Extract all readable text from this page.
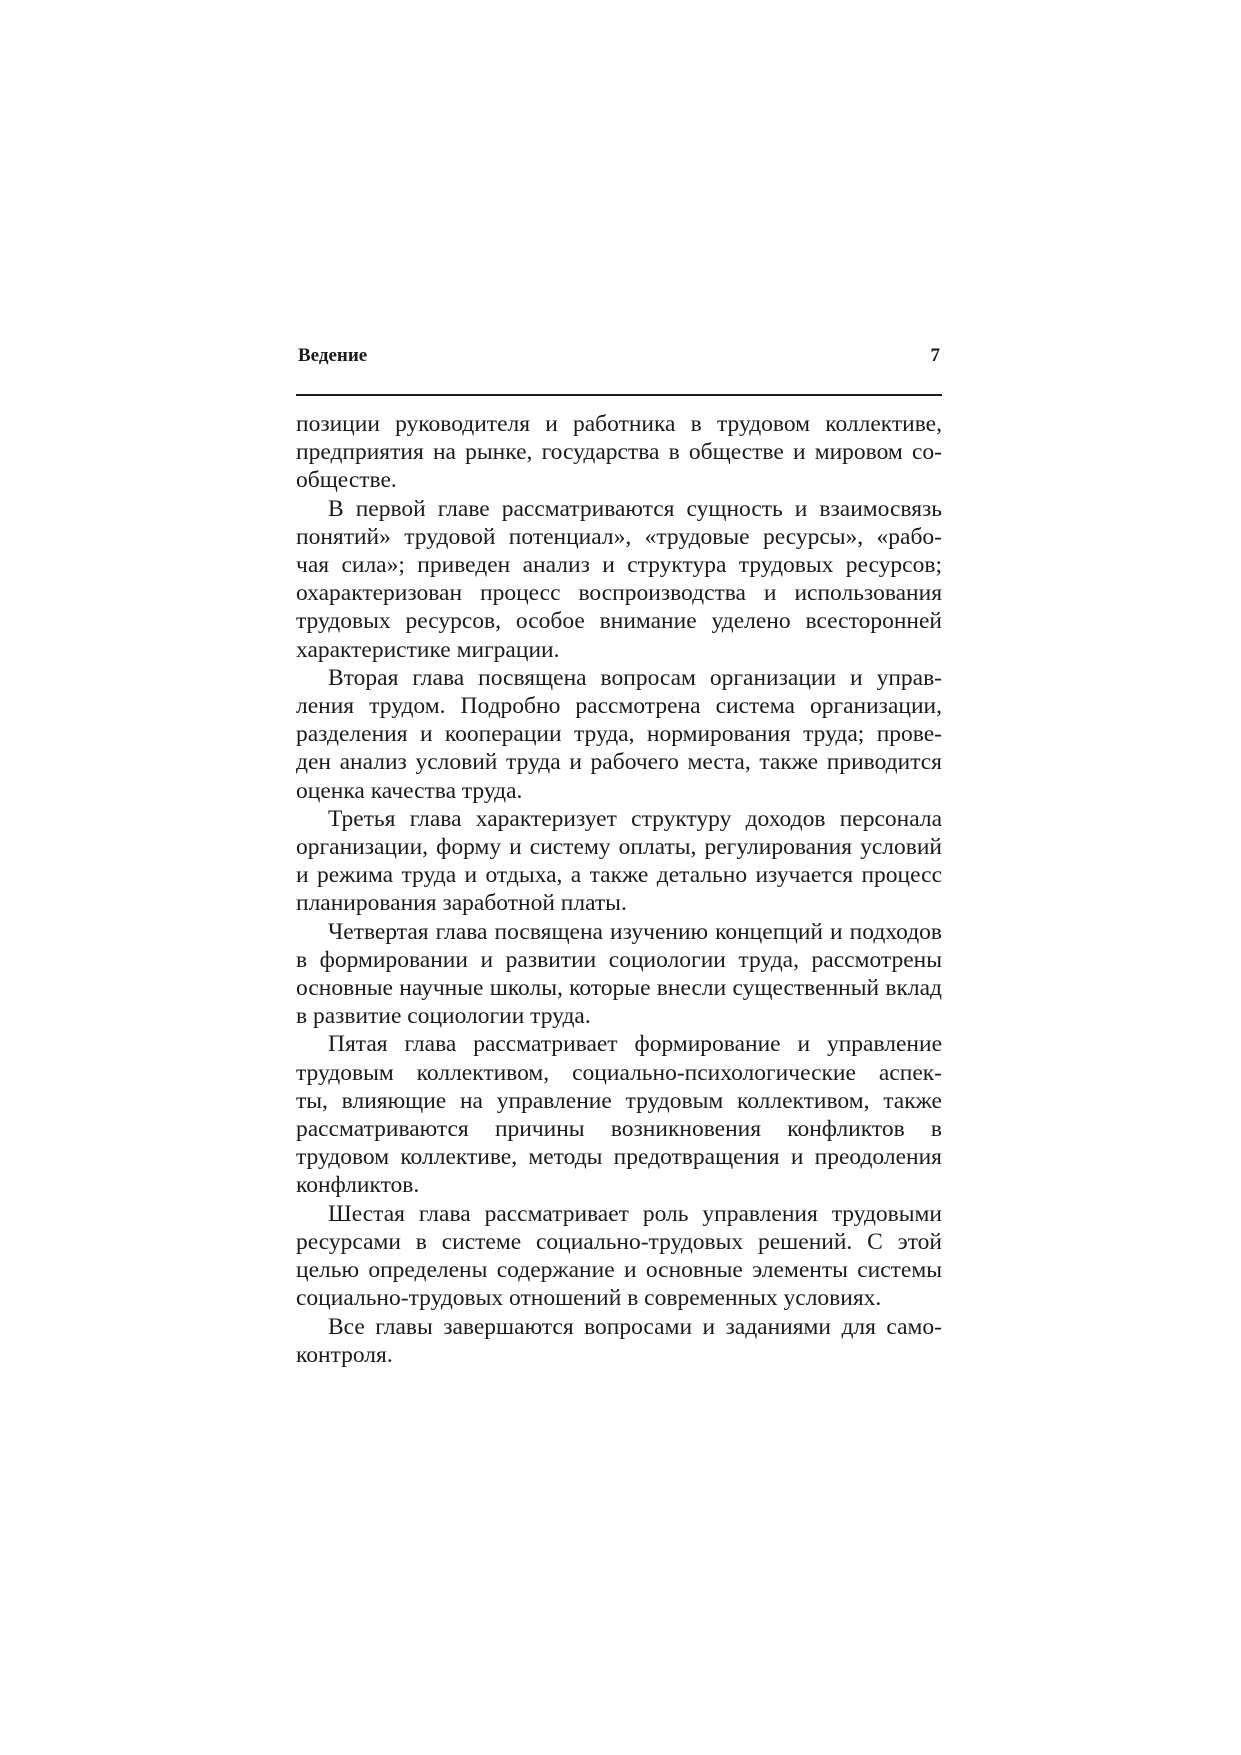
Ведение	7
позиции руководителя и работника в трудовом коллективе,
предприятия на рынке, государства в обществе и мировом со-
обществе.
В первой главе рассматриваются сущность и взаимосвязь
понятий» трудовой потенциал», «трудовые ресурсы», «рабо-
чая сила»; приведен анализ и структура трудовых ресурсов;
охарактеризован процесс воспроизводства и использования
трудовых ресурсов, особое внимание уделено всесторонней
характеристике миграции.
Вторая глава посвящена вопросам организации и управ-
ления трудом. Подробно рассмотрена система организации,
разделения и кооперации труда, нормирования труда; прове-
ден анализ условий труда и рабочего места, также приводится
оценка качества труда.
Третья глава характеризует структуру доходов персонала
организации, форму и систему оплаты, регулирования условий
и режима труда и отдыха, а также детально изучается процесс
планирования заработной платы.
Четвертая глава посвящена изучению концепций и подходов
в формировании и развитии социологии труда, рассмотрены
основные научные школы, которые внесли существенный вклад
в развитие социологии труда.
Пятая глава рассматривает формирование и управление
трудовым коллективом, социально-психологические аспек-
ты, влияющие на управление трудовым коллективом, также
рассматриваются причины возникновения конфликтов в
трудовом коллективе, методы предотвращения и преодоления
конфликтов.
Шестая глава рассматривает роль управления трудовыми
ресурсами в системе социально-трудовых решений. С этой
целью определены содержание и основные элементы системы
социально-трудовых отношений в современных условиях.
Все главы завершаются вопросами и заданиями для само-
контроля.
